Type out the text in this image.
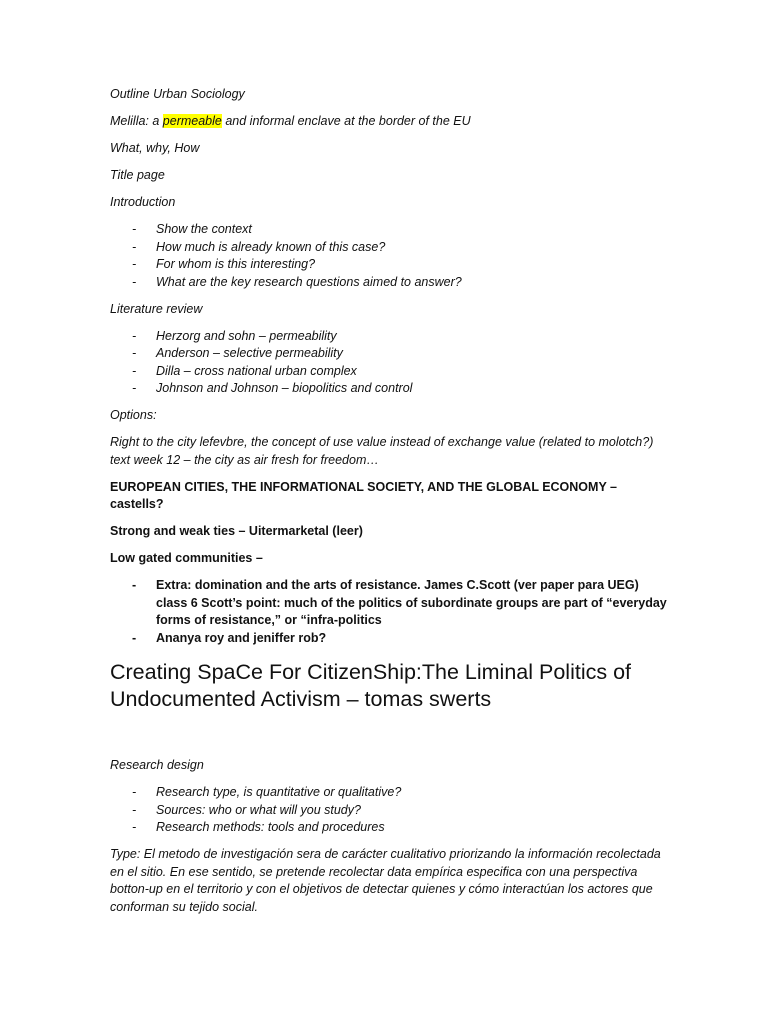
Outline Urban Sociology

Melilla: a permeable and informal enclave at the border of the EU

What, why, How

Title page

Introduction

- Show the context
- How much is already known of this case?
- For whom is this interesting?
- What are the key research questions aimed to answer?

Literature review

- Herzorg and sohn – permeability
- Anderson – selective permeability
- Dilla – cross national urban complex
- Johnson and Johnson – biopolitics and control

Options:

Right to the city lefevbre, the concept of use value instead of exchange value (related to molotch?) text week 12 – the city as air fresh for freedom…

EUROPEAN CITIES, THE INFORMATIONAL SOCIETY, AND THE GLOBAL ECONOMY – castells?

Strong and weak ties – Uitermarketal (leer)

Low gated communities –

- Extra: domination and the arts of resistance. James C.Scott (ver paper para UEG) class 6 Scott’s point: much of the politics of subordinate groups are part of “everyday forms of resistance,” or “infra-politics
- Ananya roy and jeniffer rob?
Creating SpaCe For CitizenShip:The Liminal Politics of Undocumented Activism – tomas swerts

Research design

- Research type, is quantitative or qualitative?
- Sources: who or what will you study?
- Research methods: tools and procedures

Type: El metodo de investigación sera de carácter cualitativo priorizando la información recolectada en el sitio. En ese sentido, se pretende recolectar data empírica especifica con una perspectiva botton-up en el territorio y con el objetivos de detectar quienes y cómo interactúan los actores que conforman su tejido social.
